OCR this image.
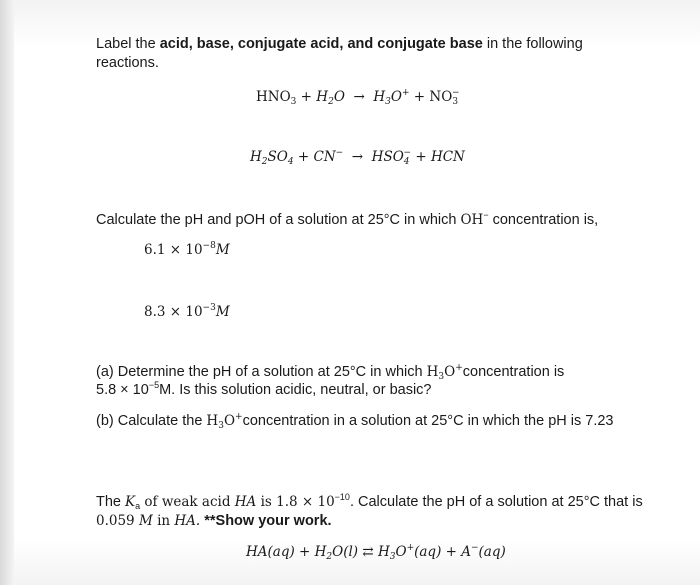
Label the acid, base, conjugate acid, and conjugate base in the following
reactions.
$HNO_3 + H_2O \to H_3O^+ + NO_3^-$
$H_2SO_4 + CN^- \to HSO_4^-$ + HCN
Calculate the pH and pOH of a solution at 25°C in which OH− concentration is,
$6.1 \times 10^{-8}M$
$8.3 \times 10^{-3}M$
(a) Determine the pH of a solution at 25°C in which $H_3O^+concentration$ is
$5.8 \times 10^{-5}M$. Is this solution acidic, neutral, or basic?
(b) Calculate the $H_3O^+concentration$ in a solution at 25°C in which the pH is 7.23
The $K_a$ of weak acid HA is $1.8 \times 10^{-10}$. Calculate the pH of a solution at 25°C that is
0.059 M in HA. **Show your work.
$HA(aq) + H_2O(l)$ ⇄ $H_3O^+(aq) + A^-(aq)$
